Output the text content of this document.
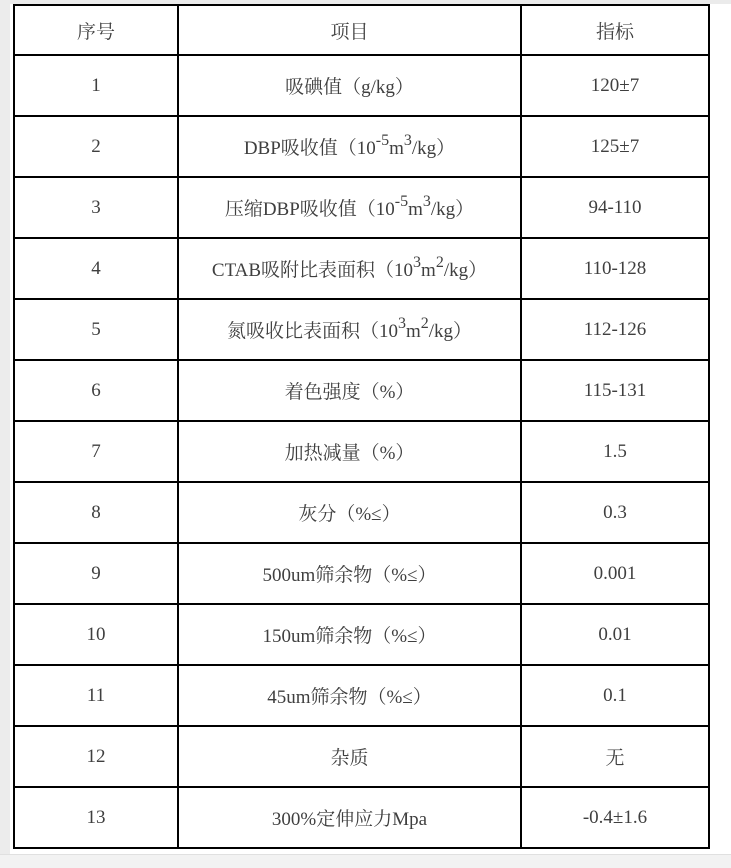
序号	项目	指标
1	吸碘值（g/kg）	120±7
2	DBP吸收值$(10^{-5}m^3/kg)$	125±7
3	压缩DBP吸收值$(10^{-5}m^3/kg)$	94-110
4	CTAB吸附比表面积$(10^3m^2/kg)$	110-128
5	氮吸收比表面积$(10^3m^2/kg)$	112-126
6	着色强度（%）	115-131
7	加热减量（%）	1.5
8	灰分（%≤）	0.3
9	500um筛余物（%≤）	0.001
10	150um筛余物（%≤）	0.01
11	45um筛余物（%≤）	0.1
12	杂质	无
13	300%定伸应力Mpa	-0.4±1.6
